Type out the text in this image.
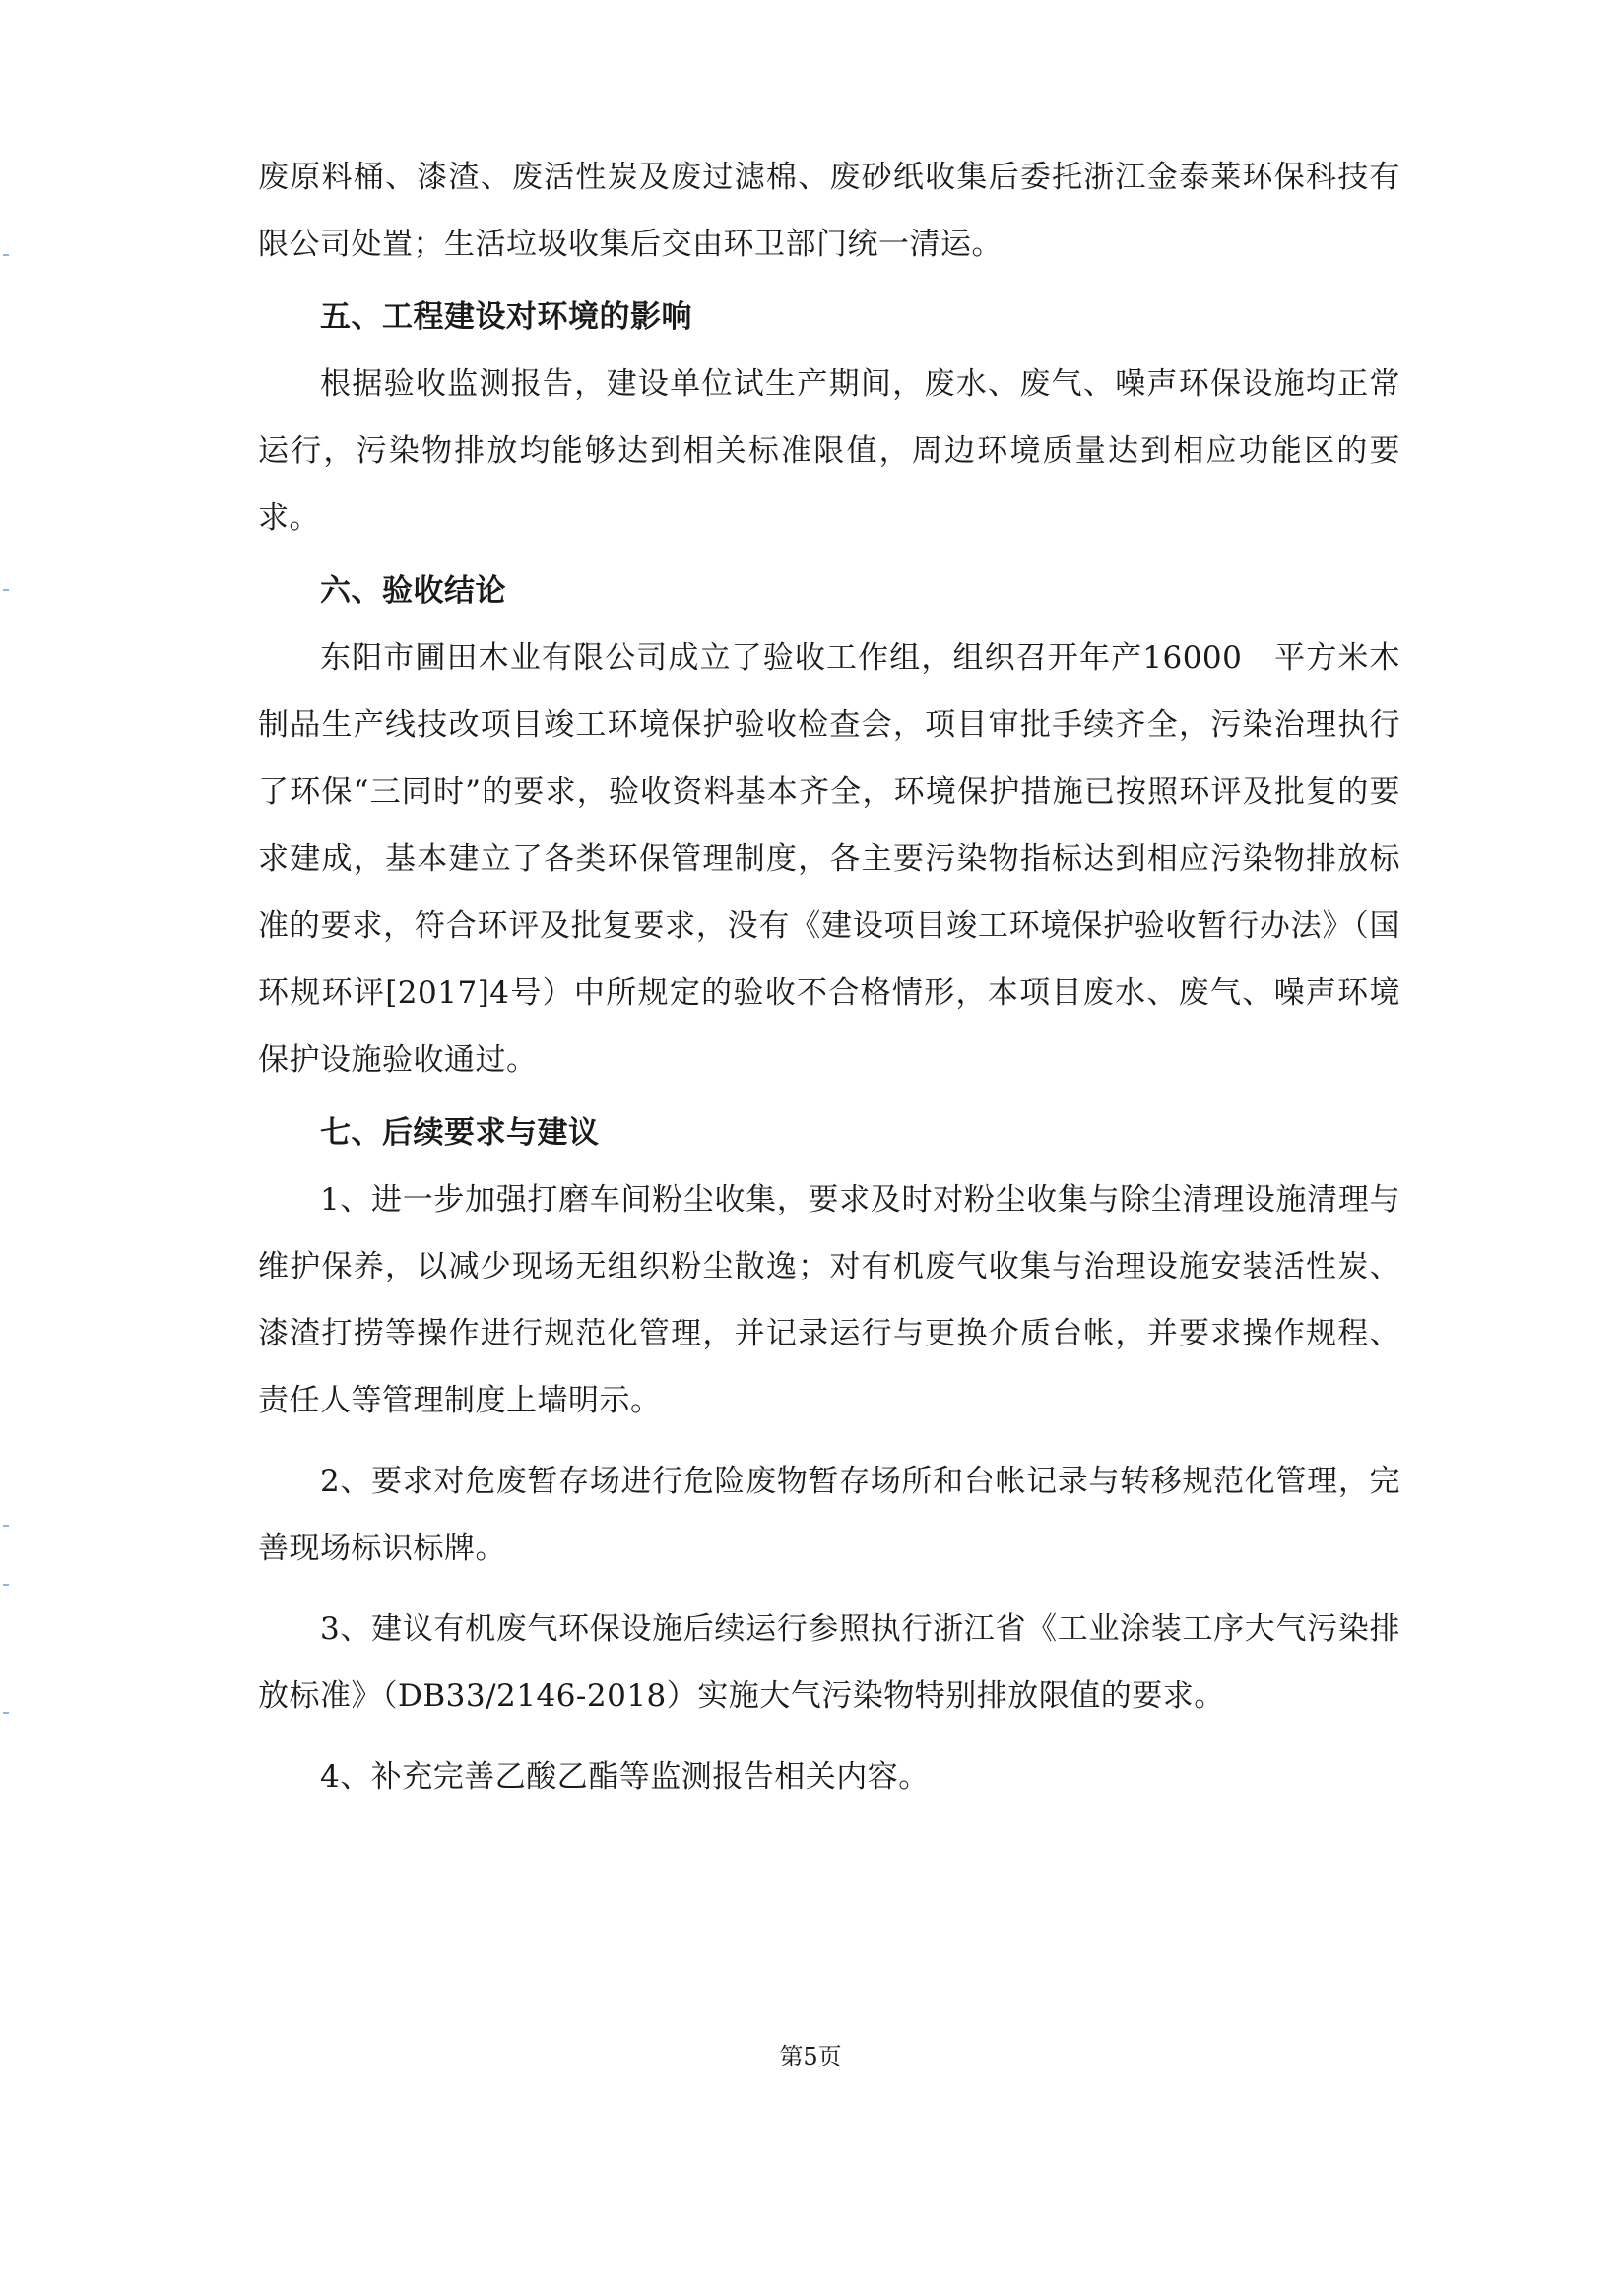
废原料桶、漆渣、废活性炭及废过滤棉、废砂纸收集后委托浙江金泰莱环保科技有限公司处置；生活垃圾收集后交由环卫部门统一清运。

五、工程建设对环境的影响

根据验收监测报告，建设单位试生产期间，废水、废气、噪声环保设施均正常运行，污染物排放均能够达到相关标准限值，周边环境质量达到相应功能区的要求。

六、验收结论

东阳市圃田木业有限公司成立了验收工作组，组织召开年产16000　平方米木制品生产线技改项目竣工环境保护验收检查会，项目审批手续齐全，污染治理执行了环保“三同时”的要求，验收资料基本齐全，环境保护措施已按照环评及批复的要求建成，基本建立了各类环保管理制度，各主要污染物指标达到相应污染物排放标准的要求，符合环评及批复要求，没有《建设项目竣工环境保护验收暂行办法》（国环规环评[2017]4号）中所规定的验收不合格情形，本项目废水、废气、噪声环境保护设施验收通过。

七、后续要求与建议

1、进一步加强打磨车间粉尘收集，要求及时对粉尘收集与除尘清理设施清理与维护保养，以减少现场无组织粉尘散逸；对有机废气收集与治理设施安装活性炭、漆渣打捞等操作进行规范化管理，并记录运行与更换介质台帐，并要求操作规程、责任人等管理制度上墙明示。

2、要求对危废暂存场进行危险废物暂存场所和台帐记录与转移规范化管理，完善现场标识标牌。

3、建议有机废气环保设施后续运行参照执行浙江省《工业涂装工序大气污染排放标准》（DB33/2146-2018）实施大气污染物特别排放限值的要求。

4、补充完善乙酸乙酯等监测报告相关内容。

第5页
